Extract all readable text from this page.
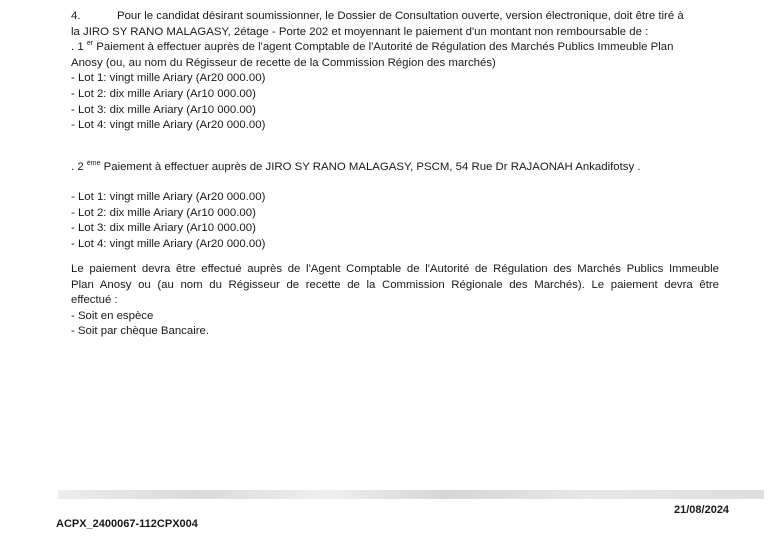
4.	Pour le candidat désirant soumissionner, le Dossier de Consultation ouverte, version électronique, doit être tiré à
la JIRO SY RANO MALAGASY, 2étage - Porte 202 et moyennant le paiement d'un montant non remboursable de :
. 1 $^{er}$ Paiement à effectuer auprès de l'agent Comptable de l'Autorité de Régulation des Marchés Publics Immeuble Plan
Anosy (ou, au nom du Régisseur de recette de la Commission Région des marchés)
- Lot 1: vingt mille Ariary (Ar20 000.00)
- Lot 2: dix mille Ariary (Ar10 000.00)
- Lot 3: dix mille Ariary (Ar10 000.00)
- Lot 4: vingt mille Ariary (Ar20 000.00)
. 2 $^{ème}$ Paiement à effectuer auprès de JIRO SY RANO MALAGASY, PSCM, 54 Rue Dr RAJAONAH Ankadifotsy .
- Lot 1: vingt mille Ariary (Ar20 000.00)
- Lot 2: dix mille Ariary (Ar10 000.00)
- Lot 3: dix mille Ariary (Ar10 000.00)
- Lot 4: vingt mille Ariary (Ar20 000.00)
Le paiement devra être effectué auprès de l'Agent Comptable de l'Autorité de Régulation des Marchés Publics Immeuble
Plan Anosy ou (au nom du Régisseur de recette de la Commission Régionale des Marchés). Le paiement devra être
effectué :
- Soit en espèce
- Soit par chèque Bancaire.
21/08/2024
ACPX_2400067-112CPX004
